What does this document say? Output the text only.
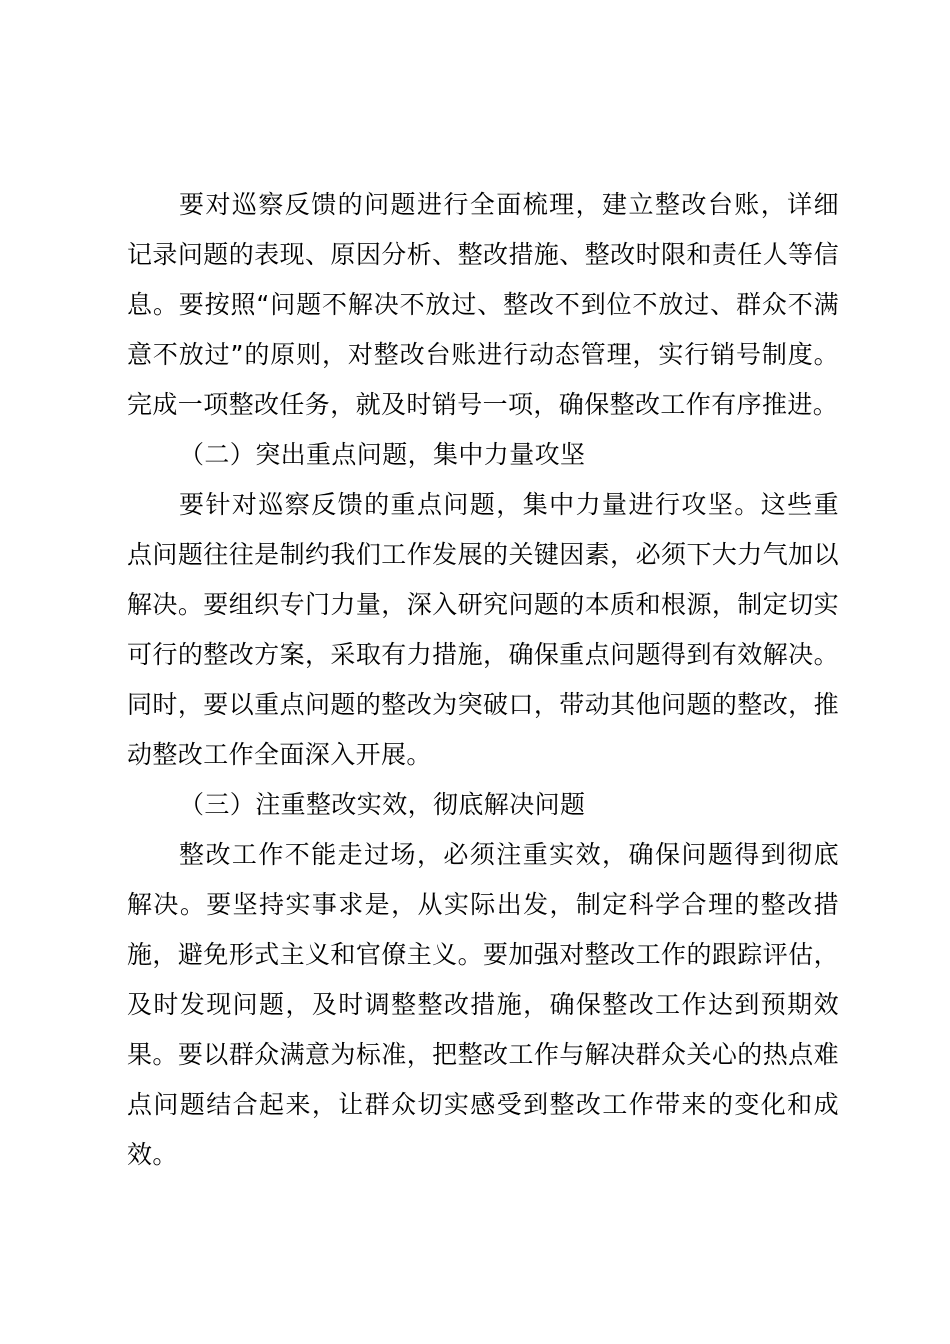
要对巡察反馈的问题进行全面梳理，建立整改台账，详细记录问题的表现、原因分析、整改措施、整改时限和责任人等信息。要按照“问题不解决不放过、整改不到位不放过、群众不满意不放过”的原则，对整改台账进行动态管理，实行销号制度。完成一项整改任务，就及时销号一项，确保整改工作有序推进。

（二）突出重点问题，集中力量攻坚

要针对巡察反馈的重点问题，集中力量进行攻坚。这些重点问题往往是制约我们工作发展的关键因素，必须下大力气加以解决。要组织专门力量，深入研究问题的本质和根源，制定切实可行的整改方案，采取有力措施，确保重点问题得到有效解决。同时，要以重点问题的整改为突破口，带动其他问题的整改，推动整改工作全面深入开展。

（三）注重整改实效，彻底解决问题

整改工作不能走过场，必须注重实效，确保问题得到彻底解决。要坚持实事求是，从实际出发，制定科学合理的整改措施，避免形式主义和官僚主义。要加强对整改工作的跟踪评估，及时发现问题，及时调整整改措施，确保整改工作达到预期效果。要以群众满意为标准，把整改工作与解决群众关心的热点难点问题结合起来，让群众切实感受到整改工作带来的变化和成效。
